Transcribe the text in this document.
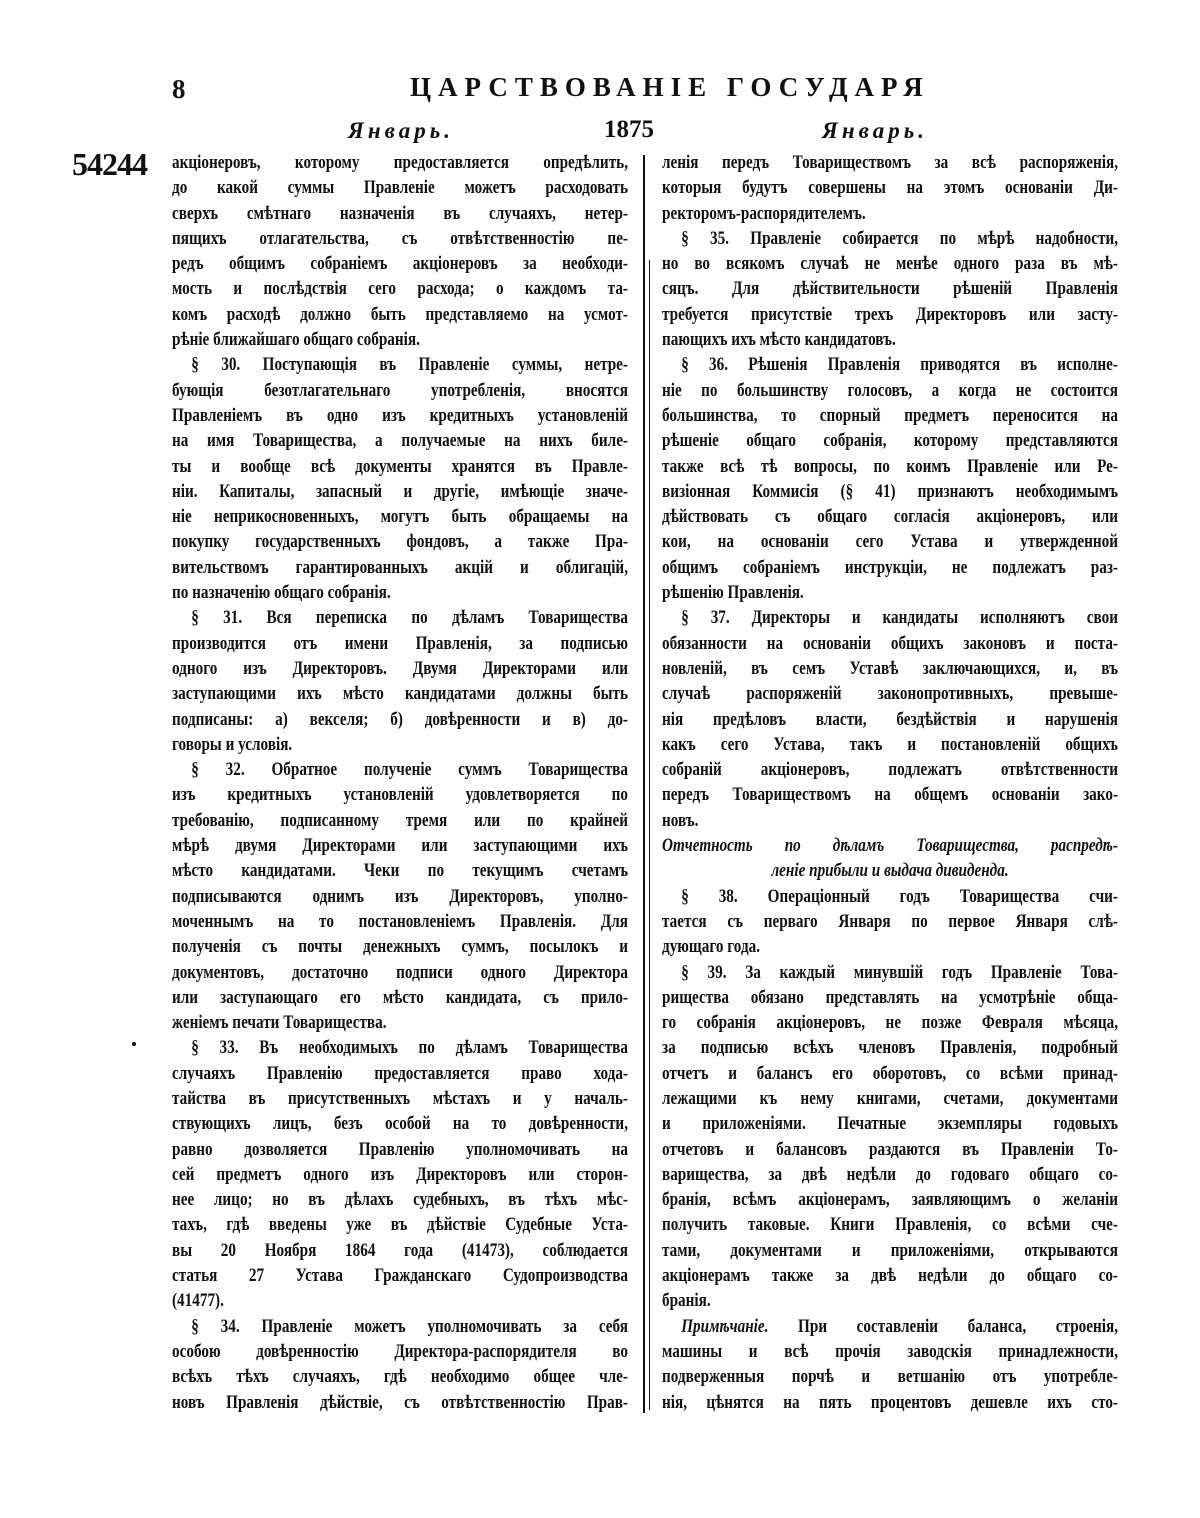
8	ЦАРСТВОВАНІЕ ГОСУДАРЯ
Январь.	1875	Январь.
54244 акціонеровъ, которому предоставляется опредѣлить,
до какой суммы Правленіе можетъ расходовать
сверхъ смѣтнаго назначенія въ случаяхъ, нетер-
пящихъ отлагательства, съ отвѣтственностію пе-
редъ общимъ собраніемъ акціонеровъ за необходи-
мость и послѣдствія сего расхода; о каждомъ та-
комъ расходѣ должно быть представляемо на усмот-
рѣніе ближайшаго общаго собранія.
§ 30. Поступающія въ Правленіе суммы, нетре-
бующія безотлагательнаго употребленія, вносятся
Правленіемъ въ одно изъ кредитныхъ установленій
на имя Товарищества, а получаемые на нихъ биле-
ты и вообще всѣ документы хранятся въ Правле-
ніи. Капиталы, запасный и другіе, имѣющіе значе-
ніе неприкосновенныхъ, могутъ быть обращаемы на
покупку государственныхъ фондовъ, а также Пра-
вительствомъ гарантированныхъ акцій и облигацій,
по назначенію общаго собранія.
§ 31. Вся переписка по дѣламъ Товарищества
производится отъ имени Правленія, за подписью
одного изъ Директоровъ. Двумя Директорами или
заступающими ихъ мѣсто кандидатами должны быть
подписаны: а) векселя; б) довѣренности и в) до-
говоры и условія.
§ 32. Обратное полученіе суммъ Товарищества
изъ кредитныхъ установленій удовлетворяется по
требованію, подписанному тремя или по крайней
мѣрѣ двумя Директорами или заступающими ихъ
мѣсто кандидатами. Чеки по текущимъ счетамъ
подписываются однимъ изъ Директоровъ, уполно-
моченнымъ на то постановленіемъ Правленія. Для
полученія съ почты денежныхъ суммъ, посылокъ и
документовъ, достаточно подписи одного Директора
или заступающаго его мѣсто кандидата, съ прило-
женіемъ печати Товарищества.
§ 33. Въ необходимыхъ по дѣламъ Товарищества
случаяхъ Правленію предоставляется право хода-
тайства въ присутственныхъ мѣстахъ и у началь-
ствующихъ лицъ, безъ особой на то довѣренности,
равно дозволяется Правленію уполномочивать на
сей предметъ одного изъ Директоровъ или сторон-
нее лицо; но въ дѣлахъ судебныхъ, въ тѣхъ мѣс-
тахъ, гдѣ введены уже въ дѣйствіе Судебные Уста-
вы 20 Ноября 1864 года (41473), соблюдается
статья 27 Устава Гражданскаго Судопроизводства
(41477).
§ 34. Правленіе можетъ уполномочивать за себя
особою довѣренностію Директора-распорядителя во
всѣхъ тѣхъ случаяхъ, гдѣ необходимо общее чле-
новъ Правленія дѣйствіе, съ отвѣтственностію Прав-
ленія передъ Товариществомъ за всѣ распоряженія,
которыя будутъ совершены на этомъ основаніи Ди-
ректоромъ-распорядителемъ.
§ 35. Правленіе собирается по мѣрѣ надобности,
но во всякомъ случаѣ не менѣе одного раза въ мѣ-
сяцъ. Для дѣйствительности рѣшеній Правленія
требуется присутствіе трехъ Директоровъ или засту-
пающихъ ихъ мѣсто кандидатовъ.
§ 36. Рѣшенія Правленія приводятся въ исполне-
ніе по большинству голосовъ, а когда не состоится
большинства, то спорный предметъ переносится на
рѣшеніе общаго собранія, которому представляются
также всѣ тѣ вопросы, по коимъ Правленіе или Ре-
визіонная Коммисія (§ 41) признаютъ необходимымъ
дѣйствовать съ общаго согласія акціонеровъ, или
кои, на основаніи сего Устава и утвержденной
общимъ собраніемъ инструкціи, не подлежатъ раз-
рѣшенію Правленія.
§ 37. Директоры и кандидаты исполняютъ свои
обязанности на основаніи общихъ законовъ и поста-
новленій, въ семъ Уставѣ заключающихся, и, въ
случаѣ распоряженій законопротивныхъ, превыше-
нія предѣловъ власти, бездѣйствія и нарушенія
какъ сего Устава, такъ и постановленій общихъ
собраній акціонеровъ, подлежатъ отвѣтственности
передъ Товариществомъ на общемъ основаніи зако-
новъ.
Отчетность по дѣламъ Товарищества, распредѣ-
леніе прибыли и выдача дивиденда.
§ 38. Операціонный годъ Товарищества счи-
тается съ перваго Января по первое Января слѣ-
дующаго года.
§ 39. За каждый минувшій годъ Правленіе Това-
рищества обязано представлять на усмотрѣніе обща-
го собранія акціонеровъ, не позже Февраля мѣсяца,
за подписью всѣхъ членовъ Правленія, подробный
отчетъ и балансъ его оборотовъ, со всѣми принад-
лежащими къ нему книгами, счетами, документами
и приложеніями. Печатные экземпляры годовыхъ
отчетовъ и балансовъ раздаются въ Правленіи То-
варищества, за двѣ недѣли до годоваго общаго со-
бранія, всѣмъ акціонерамъ, заявляющимъ о желаніи
получить таковые. Книги Правленія, со всѣми сче-
тами, документами и приложеніями, открываются
акціонерамъ также за двѣ недѣли до общаго со-
бранія.
Примѣчаніе. При составленіи баланса, строенія,
машины и всѣ прочія заводскія принадлежности,
подверженныя порчѣ и ветшанію отъ употребле-
нія, цѣнятся на пять процентовъ дешевле ихъ сто-
